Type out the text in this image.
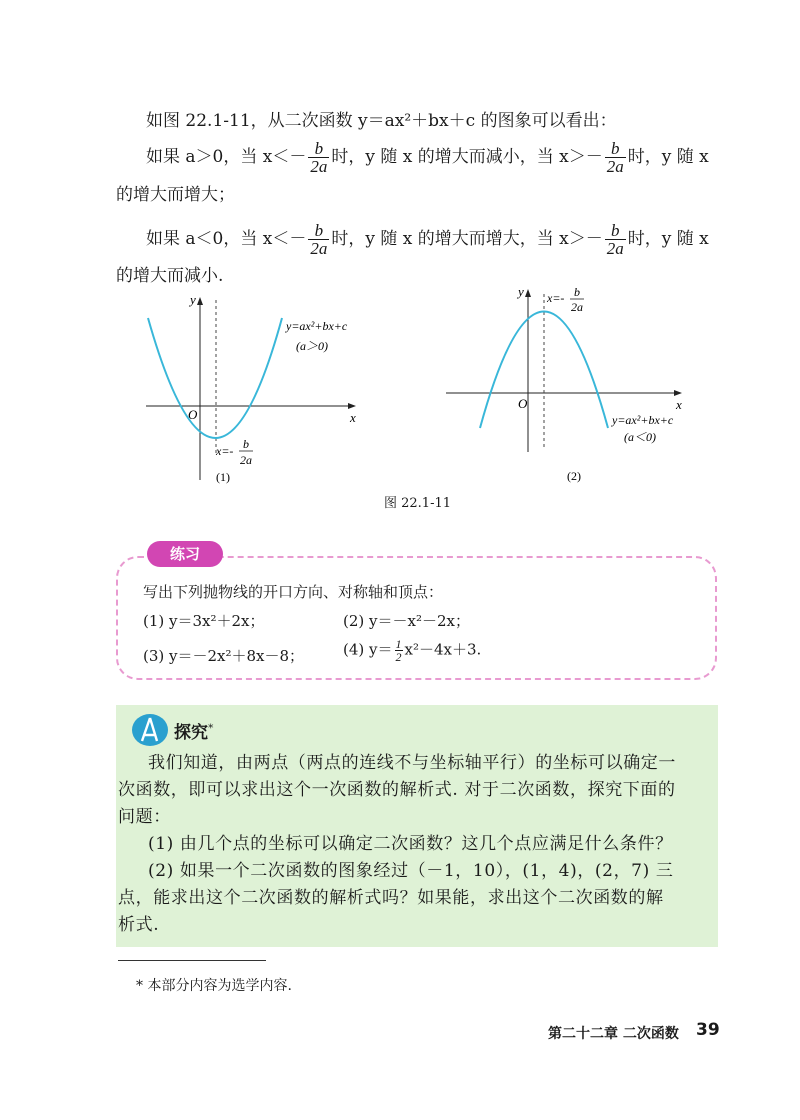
如图 22.1-11，从二次函数 y＝ax²＋bx＋c 的图象可以看出：
如果 a＞0，当 $x<- \frac{b}{2a}$ 时，y 随 x 的增大而减小，当 $x>- \frac{b}{2a}$ 时，y 随 x
的增大而增大；
如果 a＜0，当 $x<- \frac{b}{2a}$ 时，y 随 x 的增大而增大，当 $x>- \frac{b}{2a}$ 时，y 随 x
的增大而减小.
y
x
O
y=ax²+bx+c
(a＞0)
x=- b
2a
(1)
y
x
O
x=- b
2a
y=ax²+bx+c
(a＜0)
(2)
图 22.1-11
练习
写出下列抛物线的开口方向、对称轴和顶点：
(1) y＝3x²＋2x；	(2) y＝－x²－2x；
(3) y＝－2x²＋8x－8；	(4) $y= \frac{1}{2} x^2-4x+3$.
探究*
我们知道，由两点（两点的连线不与坐标轴平行）的坐标可以确定一
次函数，即可以求出这个一次函数的解析式. 对于二次函数，探究下面的
问题：
(1) 由几个点的坐标可以确定二次函数？这几个点应满足什么条件？
(2) 如果一个二次函数的图象经过（－1，10），(1，4)，(2，7) 三
点，能求出这个二次函数的解析式吗？如果能，求出这个二次函数的解
析式.
* 本部分内容为选学内容.
第二十二章 二次函数 39
